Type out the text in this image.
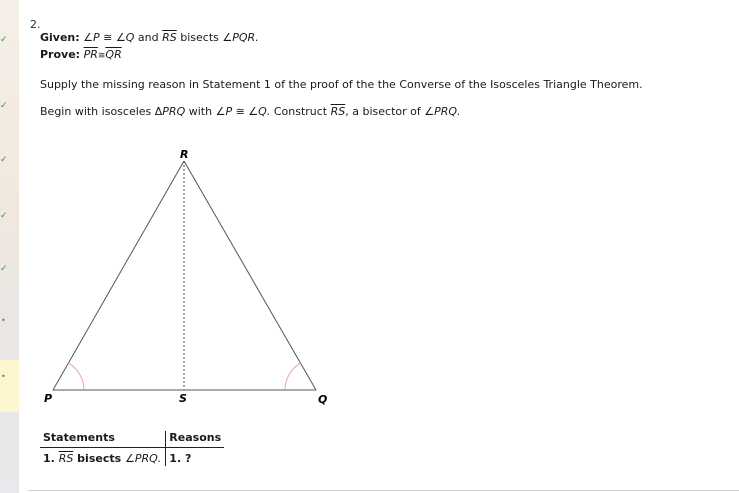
✓
✓
✓
✓
✓
•
•
2.
Given: ∠P ≅ ∠Q and $\overline{RS}$ bisects ∠PQR.
Prove: $\overline{PR}≅\overline{QR}$
Supply the missing reason in Statement 1 of the proof of the the Converse of the Isosceles Triangle Theorem.
Begin with isosceles ΔPRQ with ∠P ≅ ∠Q. Construct $\overline{RS}$, a bisector of ∠PRQ.
R
P	S	Q
Statements	Reasons
1. $\overline{RS}$ bisects ∠PRQ.	1. ?
